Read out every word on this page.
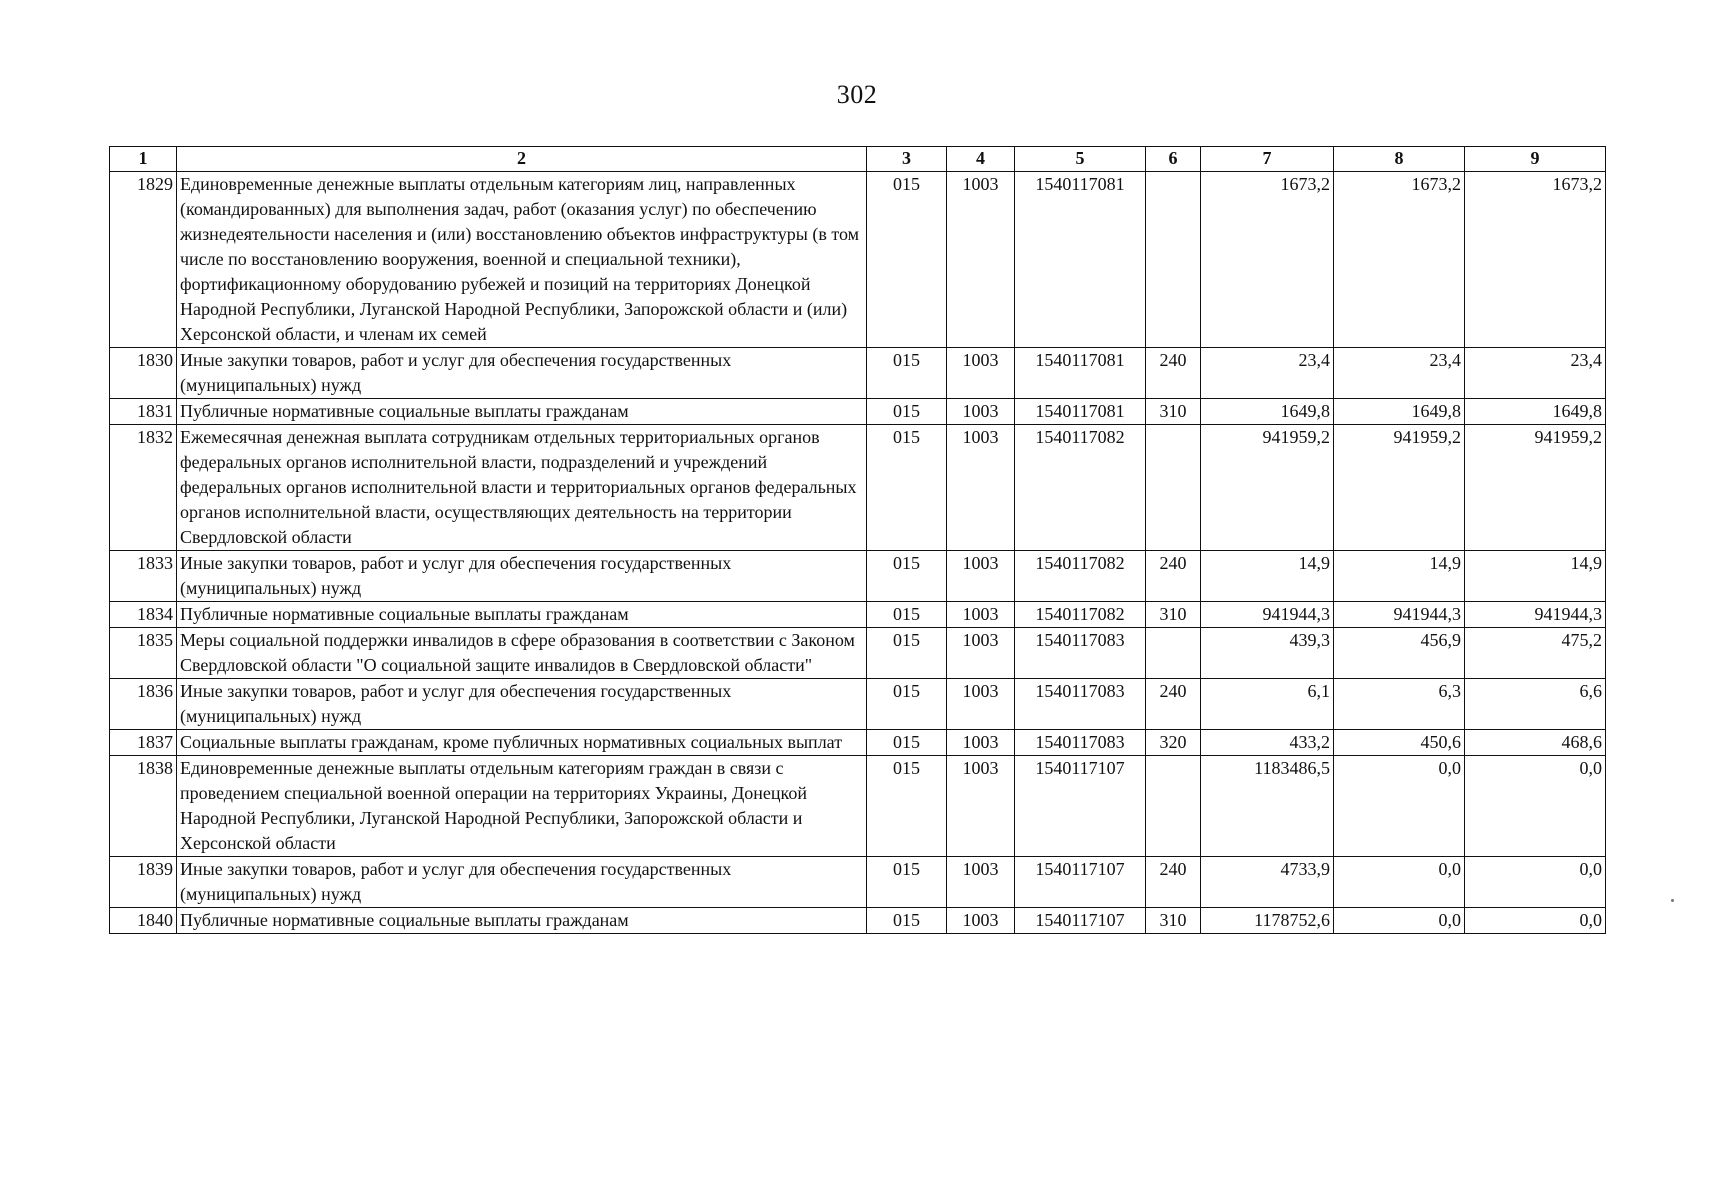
302
1	2	3	4	5	6	7	8	9
1829	Единовременные денежные выплаты отдельным категориям лиц, направленных (командированных) для выполнения задач, работ (оказания услуг) по обеспечению жизнедеятельности населения и (или) восстановлению объектов инфраструктуры (в том числе по восстановлению вооружения, военной и специальной техники), фортификационному оборудованию рубежей и позиций на территориях Донецкой Народной Республики, Луганской Народной Республики, Запорожской области и (или) Херсонской области, и членам их семей	015	1003	1540117081		1673,2	1673,2	1673,2
1830	Иные закупки товаров, работ и услуг для обеспечения государственных (муниципальных) нужд	015	1003	1540117081	240	23,4	23,4	23,4
1831	Публичные нормативные социальные выплаты гражданам	015	1003	1540117081	310	1649,8	1649,8	1649,8
1832	Ежемесячная денежная выплата сотрудникам отдельных территориальных органов федеральных органов исполнительной власти, подразделений и учреждений федеральных органов исполнительной власти и территориальных органов федеральных органов исполнительной власти, осуществляющих деятельность на территории Свердловской области	015	1003	1540117082		941959,2	941959,2	941959,2
1833	Иные закупки товаров, работ и услуг для обеспечения государственных (муниципальных) нужд	015	1003	1540117082	240	14,9	14,9	14,9
1834	Публичные нормативные социальные выплаты гражданам	015	1003	1540117082	310	941944,3	941944,3	941944,3
1835	Меры социальной поддержки инвалидов в сфере образования в соответствии с Законом Свердловской области "О социальной защите инвалидов в Свердловской области"	015	1003	1540117083		439,3	456,9	475,2
1836	Иные закупки товаров, работ и услуг для обеспечения государственных (муниципальных) нужд	015	1003	1540117083	240	6,1	6,3	6,6
1837	Социальные выплаты гражданам, кроме публичных нормативных социальных выплат	015	1003	1540117083	320	433,2	450,6	468,6
1838	Единовременные денежные выплаты отдельным категориям граждан в связи с проведением специальной военной операции на территориях Украины, Донецкой Народной Республики, Луганской Народной Республики, Запорожской области и Херсонской области	015	1003	1540117107		1183486,5	0,0	0,0
1839	Иные закупки товаров, работ и услуг для обеспечения государственных (муниципальных) нужд	015	1003	1540117107	240	4733,9	0,0	0,0
1840	Публичные нормативные социальные выплаты гражданам	015	1003	1540117107	310	1178752,6	0,0	0,0
